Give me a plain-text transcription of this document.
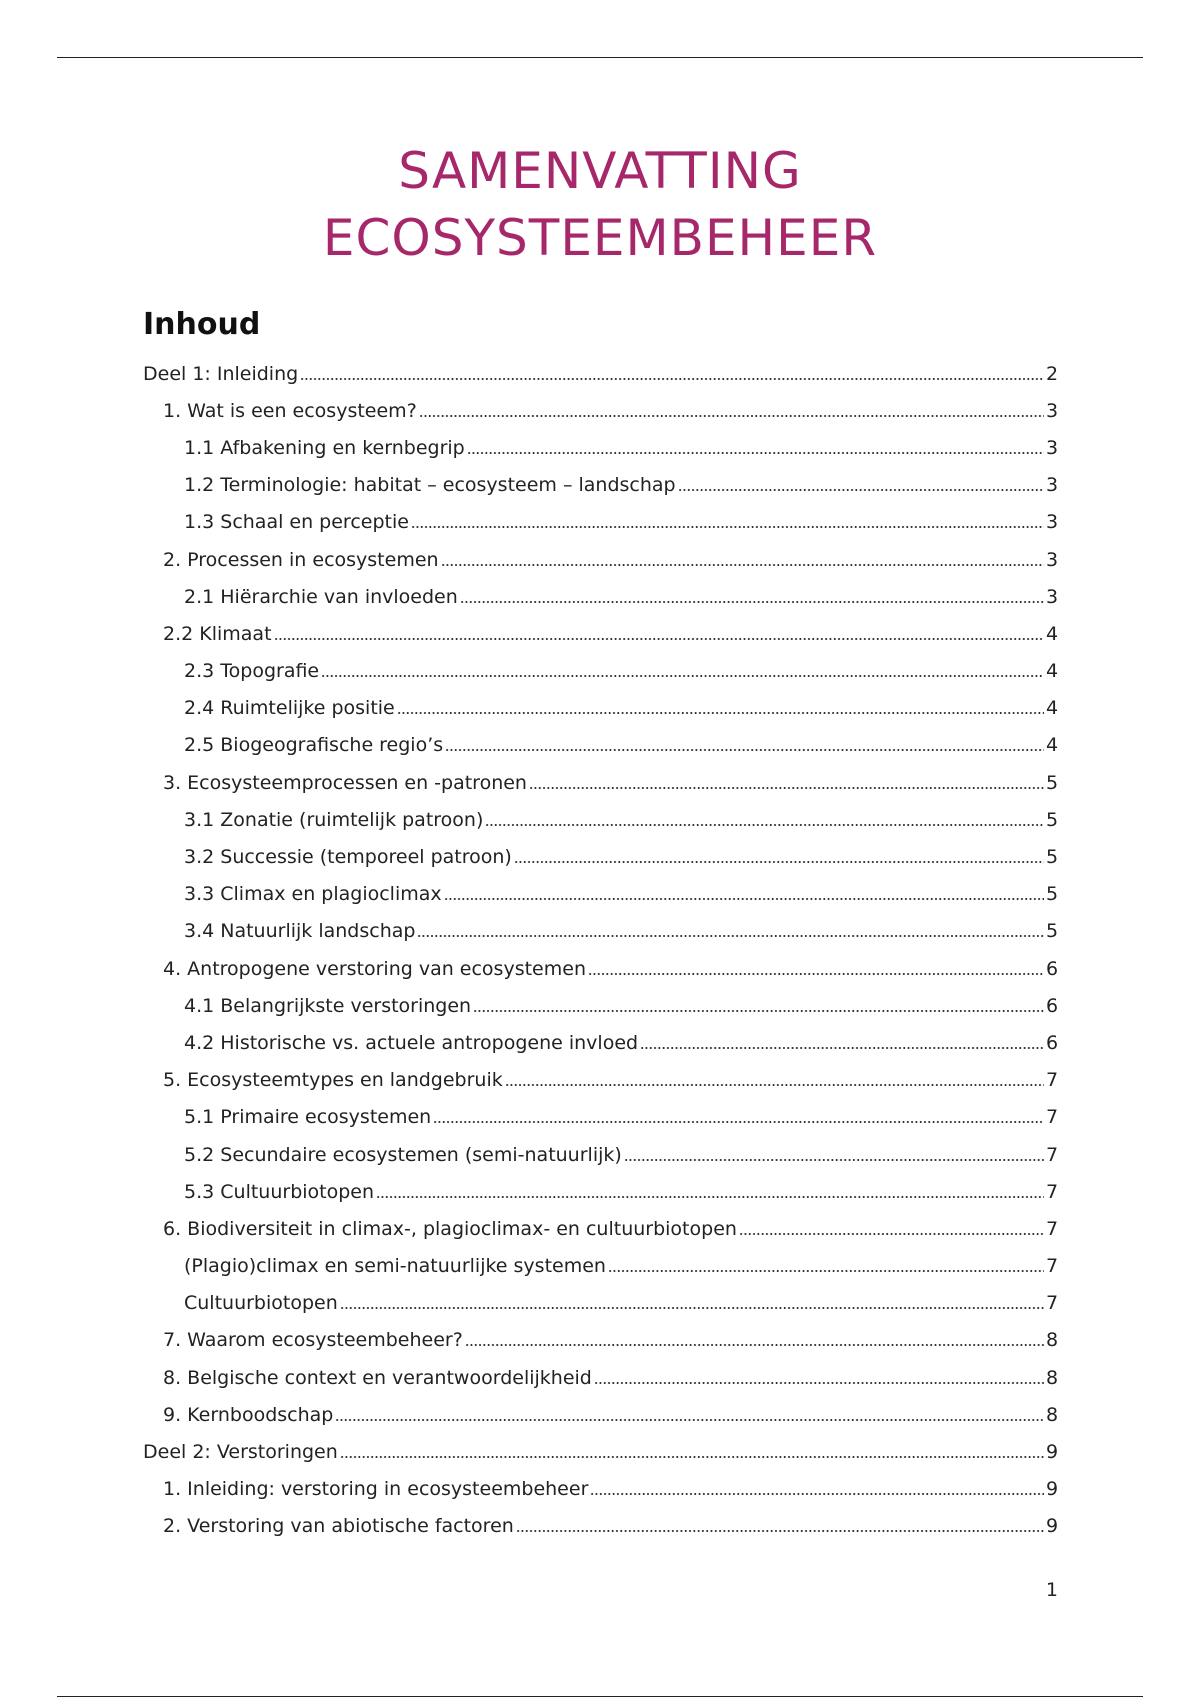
SAMENVATTING
ECOSYSTEEMBEHEER
Inhoud
Deel 1: Inleiding	2
1. Wat is een ecosysteem?	3
1.1 Afbakening en kernbegrip	3
1.2 Terminologie: habitat – ecosysteem – landschap	3
1.3 Schaal en perceptie	3
2. Processen in ecosystemen	3
2.1 Hiërarchie van invloeden	3
2.2 Klimaat	4
2.3 Topografie	4
2.4 Ruimtelijke positie	4
2.5 Biogeografische regio’s	4
3. Ecosysteemprocessen en -patronen	5
3.1 Zonatie (ruimtelijk patroon)	5
3.2 Successie (temporeel patroon)	5
3.3 Climax en plagioclimax	5
3.4 Natuurlijk landschap	5
4. Antropogene verstoring van ecosystemen	6
4.1 Belangrijkste verstoringen	6
4.2 Historische vs. actuele antropogene invloed	6
5. Ecosysteemtypes en landgebruik	7
5.1 Primaire ecosystemen	7
5.2 Secundaire ecosystemen (semi-natuurlijk)	7
5.3 Cultuurbiotopen	7
6. Biodiversiteit in climax-, plagioclimax- en cultuurbiotopen	7
(Plagio)climax en semi-natuurlijke systemen	7
Cultuurbiotopen	7
7. Waarom ecosysteembeheer?	8
8. Belgische context en verantwoordelijkheid	8
9. Kernboodschap	8
Deel 2: Verstoringen	9
1. Inleiding: verstoring in ecosysteembeheer	9
2. Verstoring van abiotische factoren	9
1
